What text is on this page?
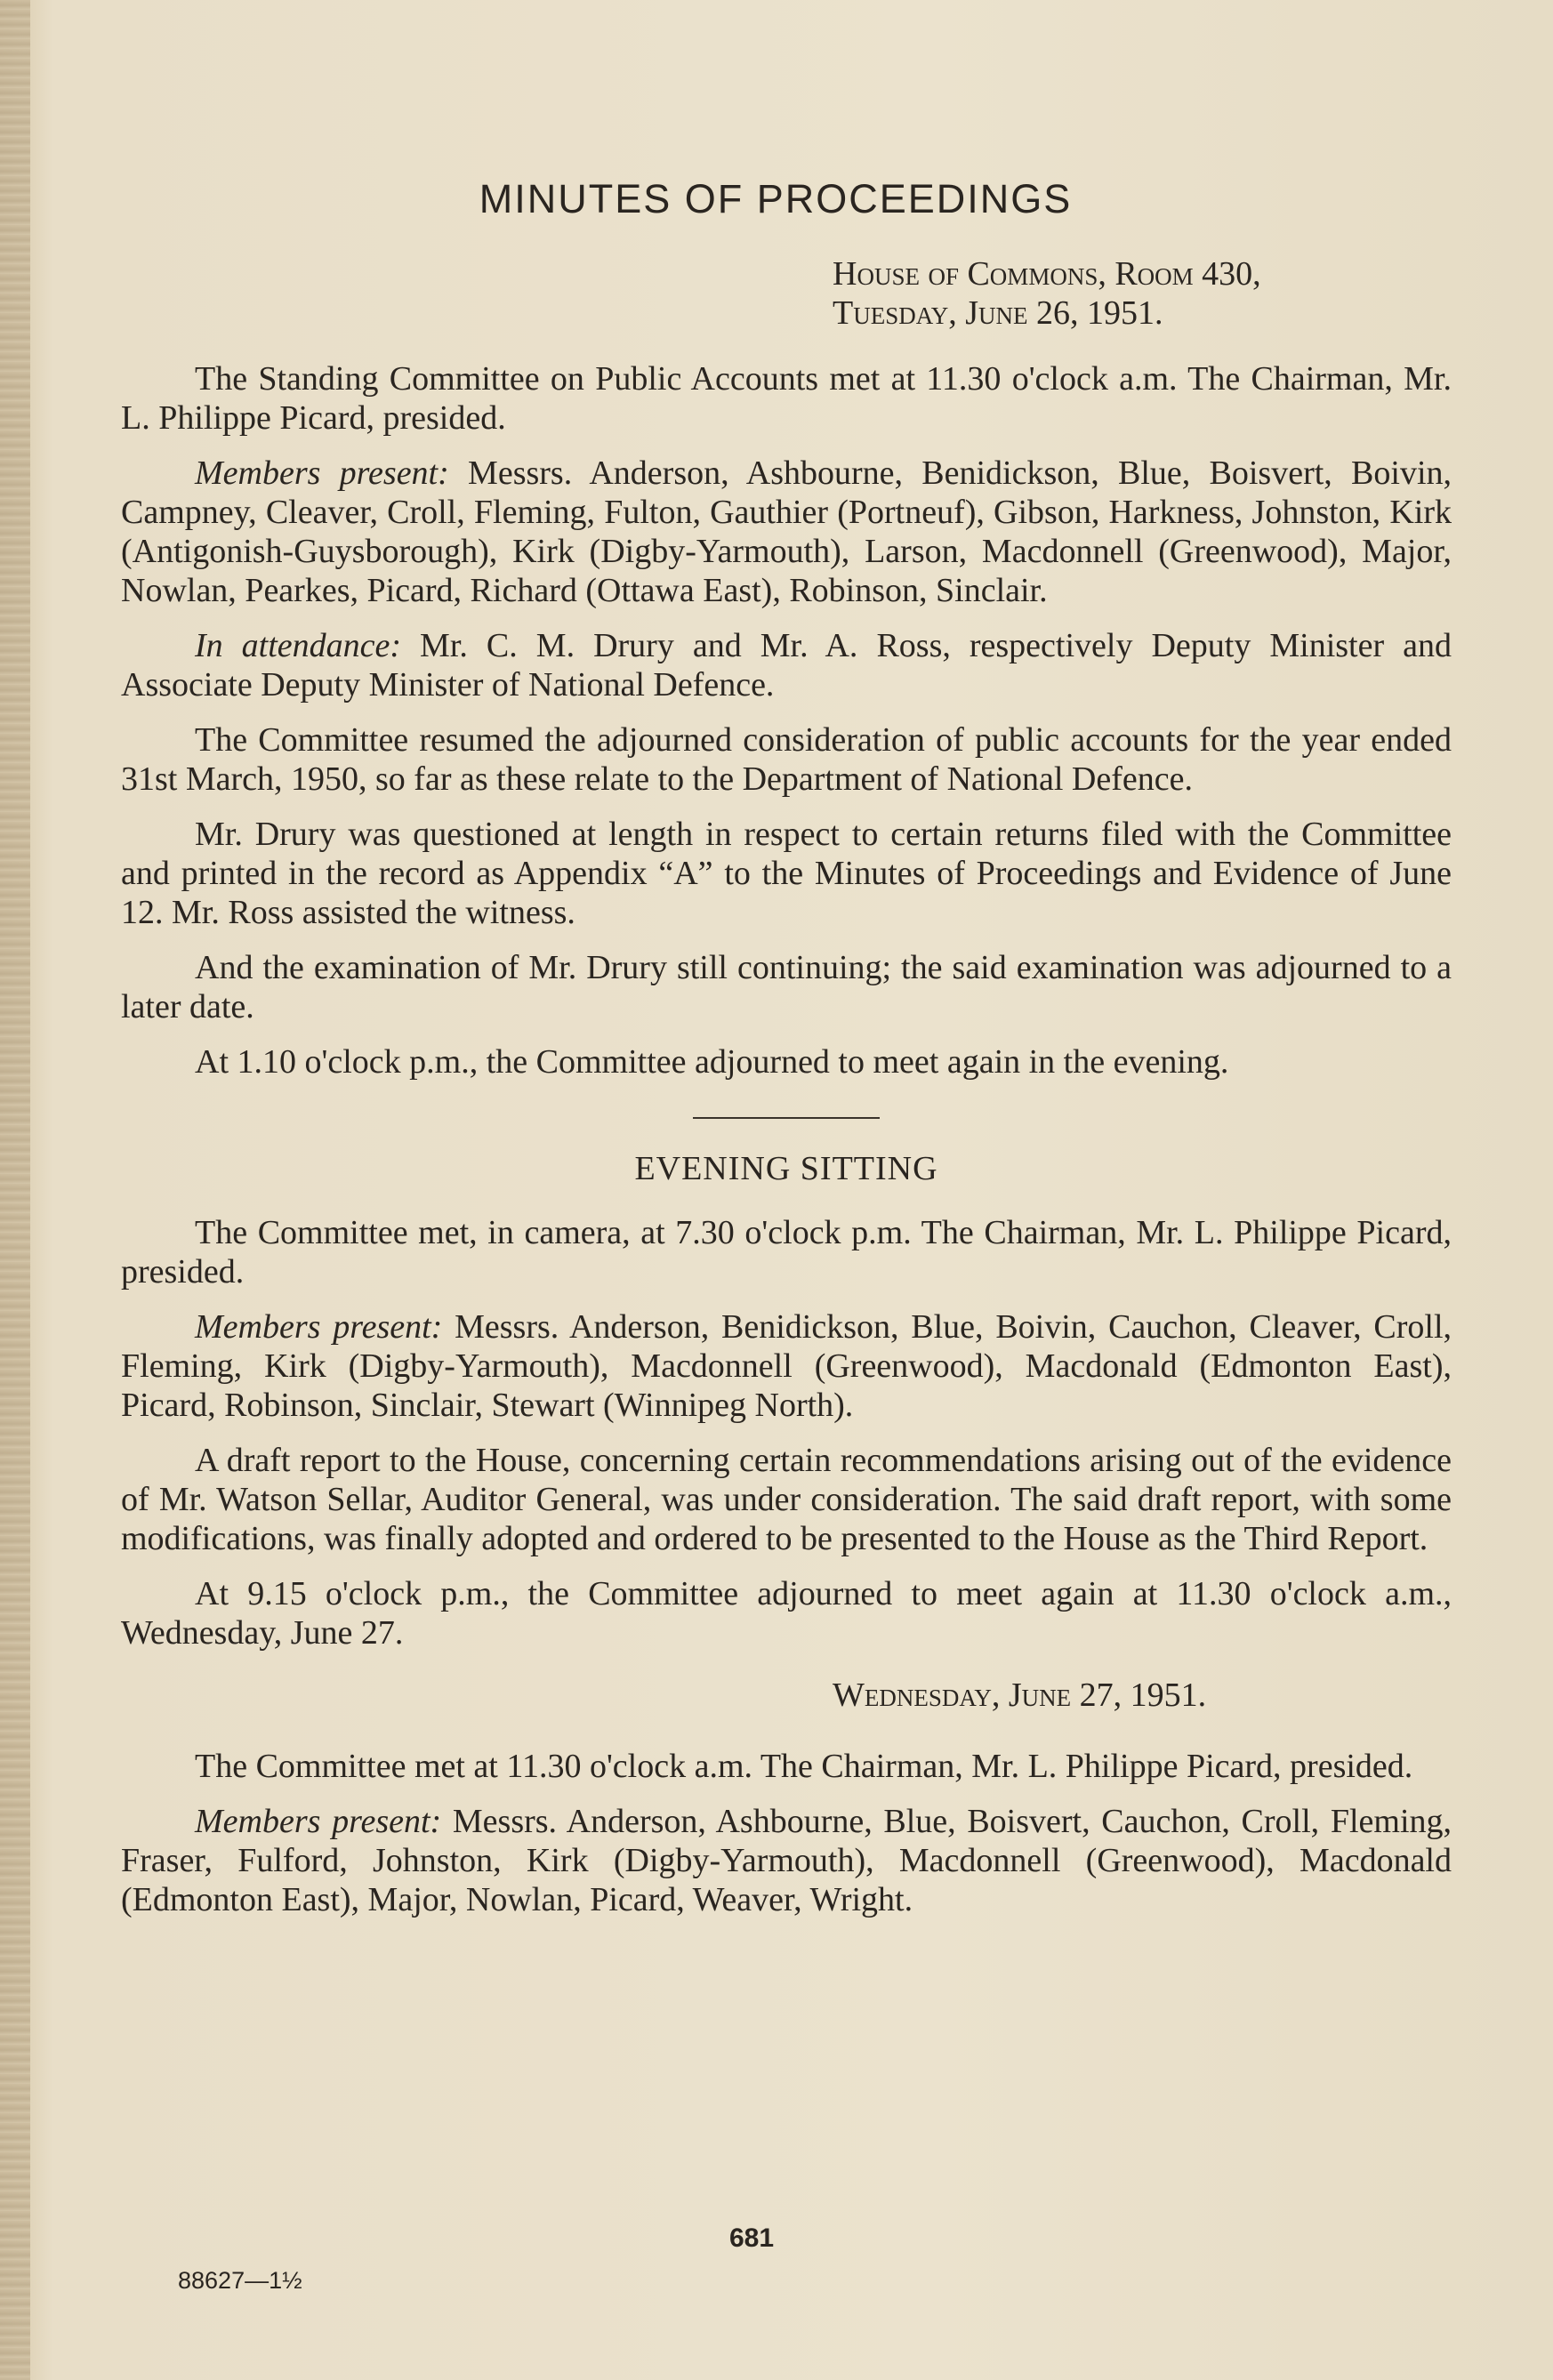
MINUTES OF PROCEEDINGS
House of Commons, Room 430,
Tuesday, June 26, 1951.

The Standing Committee on Public Accounts met at 11.30 o'clock a.m. The Chairman, Mr. L. Philippe Picard, presided.

Members present: Messrs. Anderson, Ashbourne, Benidickson, Blue, Boisvert, Boivin, Campney, Cleaver, Croll, Fleming, Fulton, Gauthier (Portneuf), Gibson, Harkness, Johnston, Kirk (Antigonish-Guysborough), Kirk (Digby-Yarmouth), Larson, Macdonnell (Greenwood), Major, Nowlan, Pearkes, Picard, Richard (Ottawa East), Robinson, Sinclair.

In attendance: Mr. C. M. Drury and Mr. A. Ross, respectively Deputy Minister and Associate Deputy Minister of National Defence.

The Committee resumed the adjourned consideration of public accounts for the year ended 31st March, 1950, so far as these relate to the Department of National Defence.

Mr. Drury was questioned at length in respect to certain returns filed with the Committee and printed in the record as Appendix “A” to the Minutes of Proceedings and Evidence of June 12. Mr. Ross assisted the witness.

And the examination of Mr. Drury still continuing; the said examination was adjourned to a later date.

At 1.10 o'clock p.m., the Committee adjourned to meet again in the evening.

EVENING SITTING

The Committee met, in camera, at 7.30 o'clock p.m. The Chairman, Mr. L. Philippe Picard, presided.

Members present: Messrs. Anderson, Benidickson, Blue, Boivin, Cauchon, Cleaver, Croll, Fleming, Kirk (Digby-Yarmouth), Macdonnell (Greenwood), Macdonald (Edmonton East), Picard, Robinson, Sinclair, Stewart (Winnipeg North).

A draft report to the House, concerning certain recommendations arising out of the evidence of Mr. Watson Sellar, Auditor General, was under consideration. The said draft report, with some modifications, was finally adopted and ordered to be presented to the House as the Third Report.

At 9.15 o'clock p.m., the Committee adjourned to meet again at 11.30 o'clock a.m., Wednesday, June 27.

Wednesday, June 27, 1951.

The Committee met at 11.30 o'clock a.m. The Chairman, Mr. L. Philippe Picard, presided.

Members present: Messrs. Anderson, Ashbourne, Blue, Boisvert, Cauchon, Croll, Fleming, Fraser, Fulford, Johnston, Kirk (Digby-Yarmouth), Macdonnell (Greenwood), Macdonald (Edmonton East), Major, Nowlan, Picard, Weaver, Wright.

681
88627—1½
